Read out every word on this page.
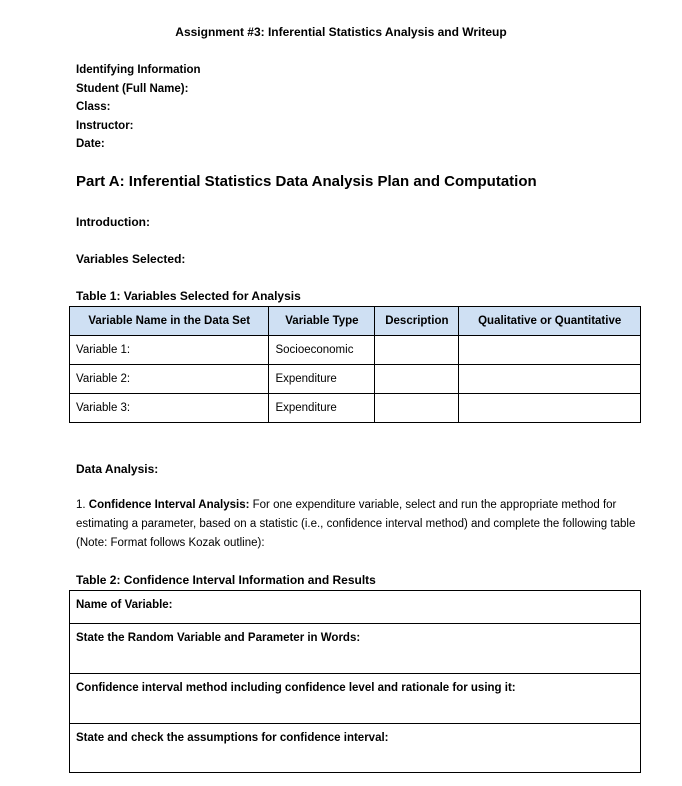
Assignment #3: Inferential Statistics Analysis and Writeup
Identifying Information
Student (Full Name):
Class:
Instructor:
Date:
Part A: Inferential Statistics Data Analysis Plan and Computation
Introduction:
Variables Selected:
Table 1: Variables Selected for Analysis
Variable Name in the Data Set	Variable Type	Description	Qualitative or Quantitative
Variable 1:	Socioeconomic		
Variable 2:	Expenditure		
Variable 3:	Expenditure		
Data Analysis:
1. Confidence Interval Analysis: For one expenditure variable, select and run the appropriate method for estimating a parameter, based on a statistic (i.e., confidence interval method) and complete the following table (Note: Format follows Kozak outline):
Table 2: Confidence Interval Information and Results
Name of Variable:
State the Random Variable and Parameter in Words:
Confidence interval method including confidence level and rationale for using it:
State and check the assumptions for confidence interval:
